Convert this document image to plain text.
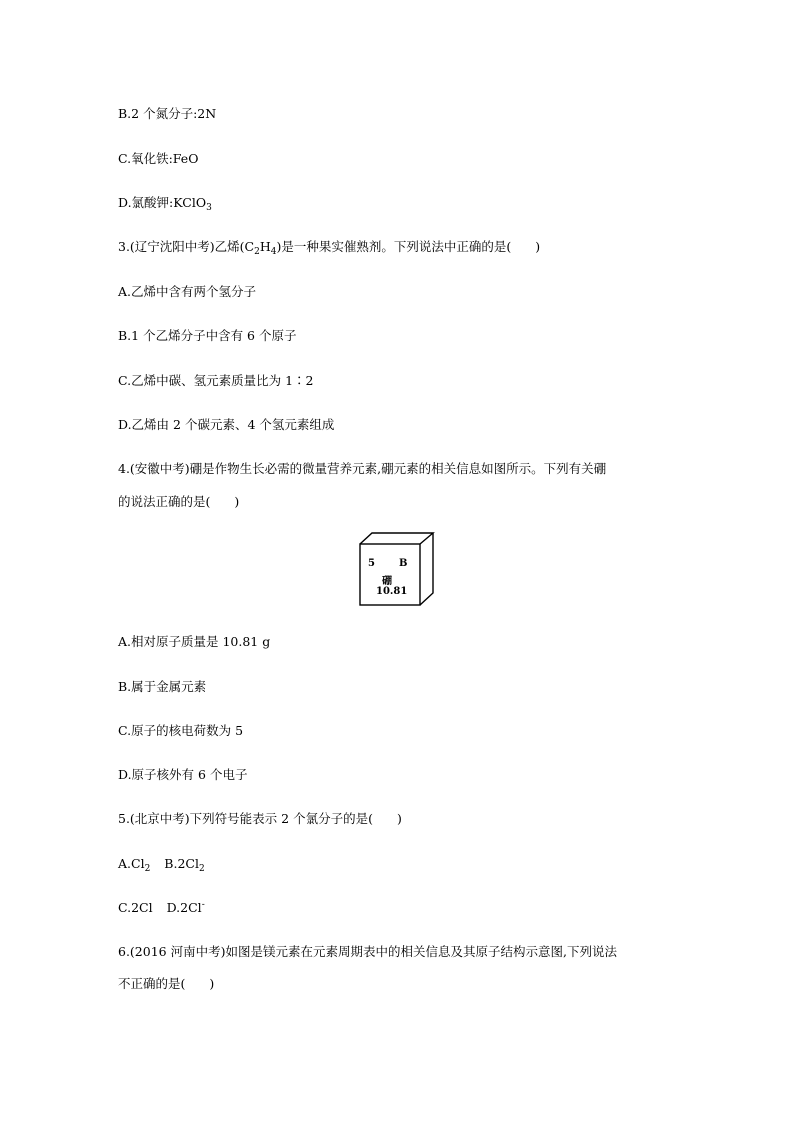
B.2 个氮分子:2N
C.氧化铁:FeO
D.氯酸钾:KClO$_3$
3.(辽宁沈阳中考)乙烯$(C_2H_4)$是一种果实催熟剂。下列说法中正确的是( )
A.乙烯中含有两个氢分子
B.1 个乙烯分子中含有 6 个原子
C.乙烯中碳、氢元素质量比为 1∶2
D.乙烯由 2 个碳元素、4 个氢元素组成
4.(安徽中考)硼是作物生长必需的微量营养元素,硼元素的相关信息如图所示。下列有关硼
的说法正确的是( )
5 B
硼
10.81
A.相对原子质量是 10.81 g
B.属于金属元素
C.原子的核电荷数为 5
D.原子核外有 6 个电子
5.(北京中考)下列符号能表示 2 个氯分子的是( )
$A.Cl_2$ $B.2Cl_2$
C.2Cl D.2Cl-
6.(2016 河南中考)如图是镁元素在元素周期表中的相关信息及其原子结构示意图,下列说法
不正确的是( )
